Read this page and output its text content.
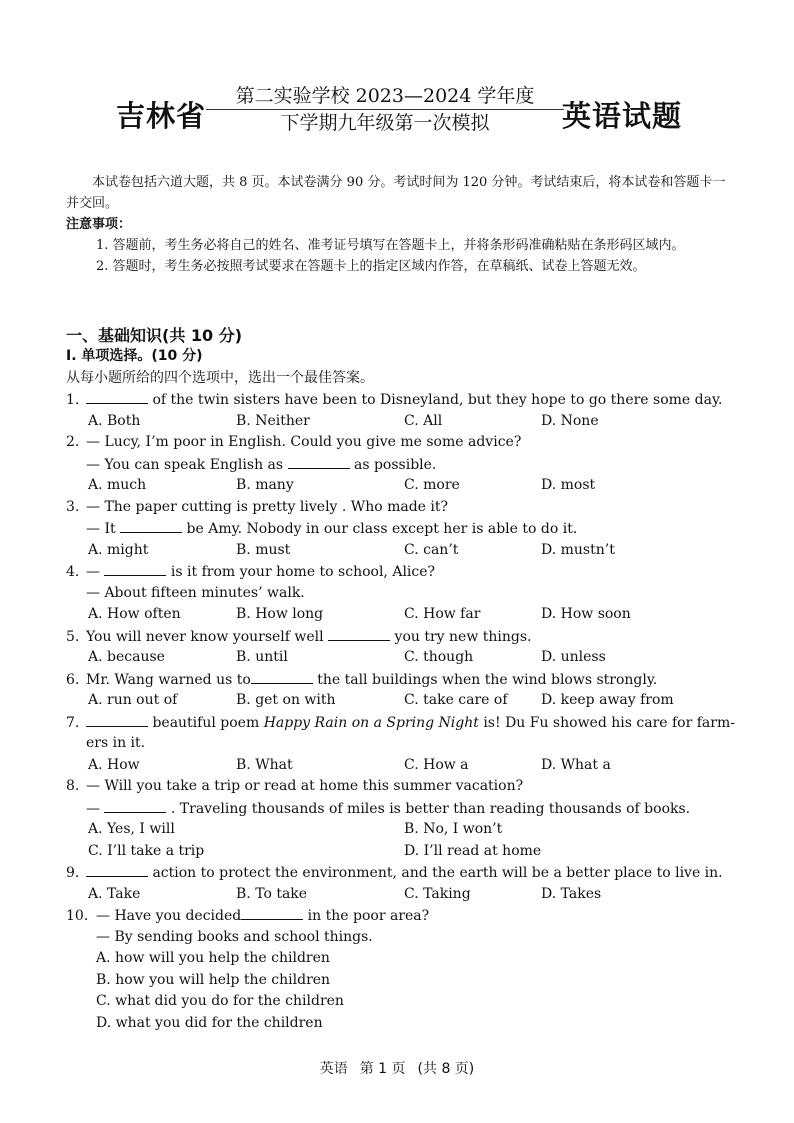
吉林省
第二实验学校 2023—2024 学年度
下学期九年级第一次模拟	英语试题

本试卷包括六道大题，共 8 页。本试卷满分 90 分。考试时间为 120 分钟。考试结束后，将本试卷和答题卡一并交回。

注意事项：

1. 答题前，考生务必将自己的姓名、准考证号填写在答题卡上，并将条形码准确粘贴在条形码区域内。

2. 答题时，考生务必按照考试要求在答题卡上的指定区域内作答，在草稿纸、试卷上答题无效。

一、基础知识(共 10 分)
I. 单项选择。(10 分)
从每小题所给的四个选项中，选出一个最佳答案。
1.	of the twin sisters have been to Disneyland, but they hope to go there some day.
A. Both	B. Neither	C. All	D. None
2. — Lucy, I’m poor in English. Could you give me some advice?
— You can speak English as	as possible.
A. much	B. many	C. more	D. most
3. — The paper cutting is pretty lively . Who made it?
— It	be Amy. Nobody in our class except her is able to do it.
A. might	B. must	C. can’t	D. mustn’t
4. —	is it from your home to school, Alice?
— About fifteen minutes’ walk.
A. How often	B. How long	C. How far	D. How soon
5. You will never know yourself well	you try new things.
A. because	B. until	C. though	D. unless
6. Mr. Wang warned us to	the tall buildings when the wind blows strongly.
A. run out of	B. get on with	C. take care of D. keep away from
7.	beautiful poem Happy Rain on a Spring Night is! Du Fu showed his care for farm-
ers in it.
A. How	B. What	C. How a	D. What a
8. — Will you take a trip or read at home this summer vacation?
—	. Traveling thousands of miles is better than reading thousands of books.
A. Yes, I will	B. No, I won’t
C. I’ll take a trip	D. I’ll read at home
9.	action to protect the environment, and the earth will be a better place to live in.
A. Take	B. To take	C. Taking	D. Takes
10. — Have you decided	in the poor area?
— By sending books and school things.
A. how will you help the children
B. how you will help the children
C. what did you do for the children
D. what you did for the children
英语 第 1 页 (共 8 页)
